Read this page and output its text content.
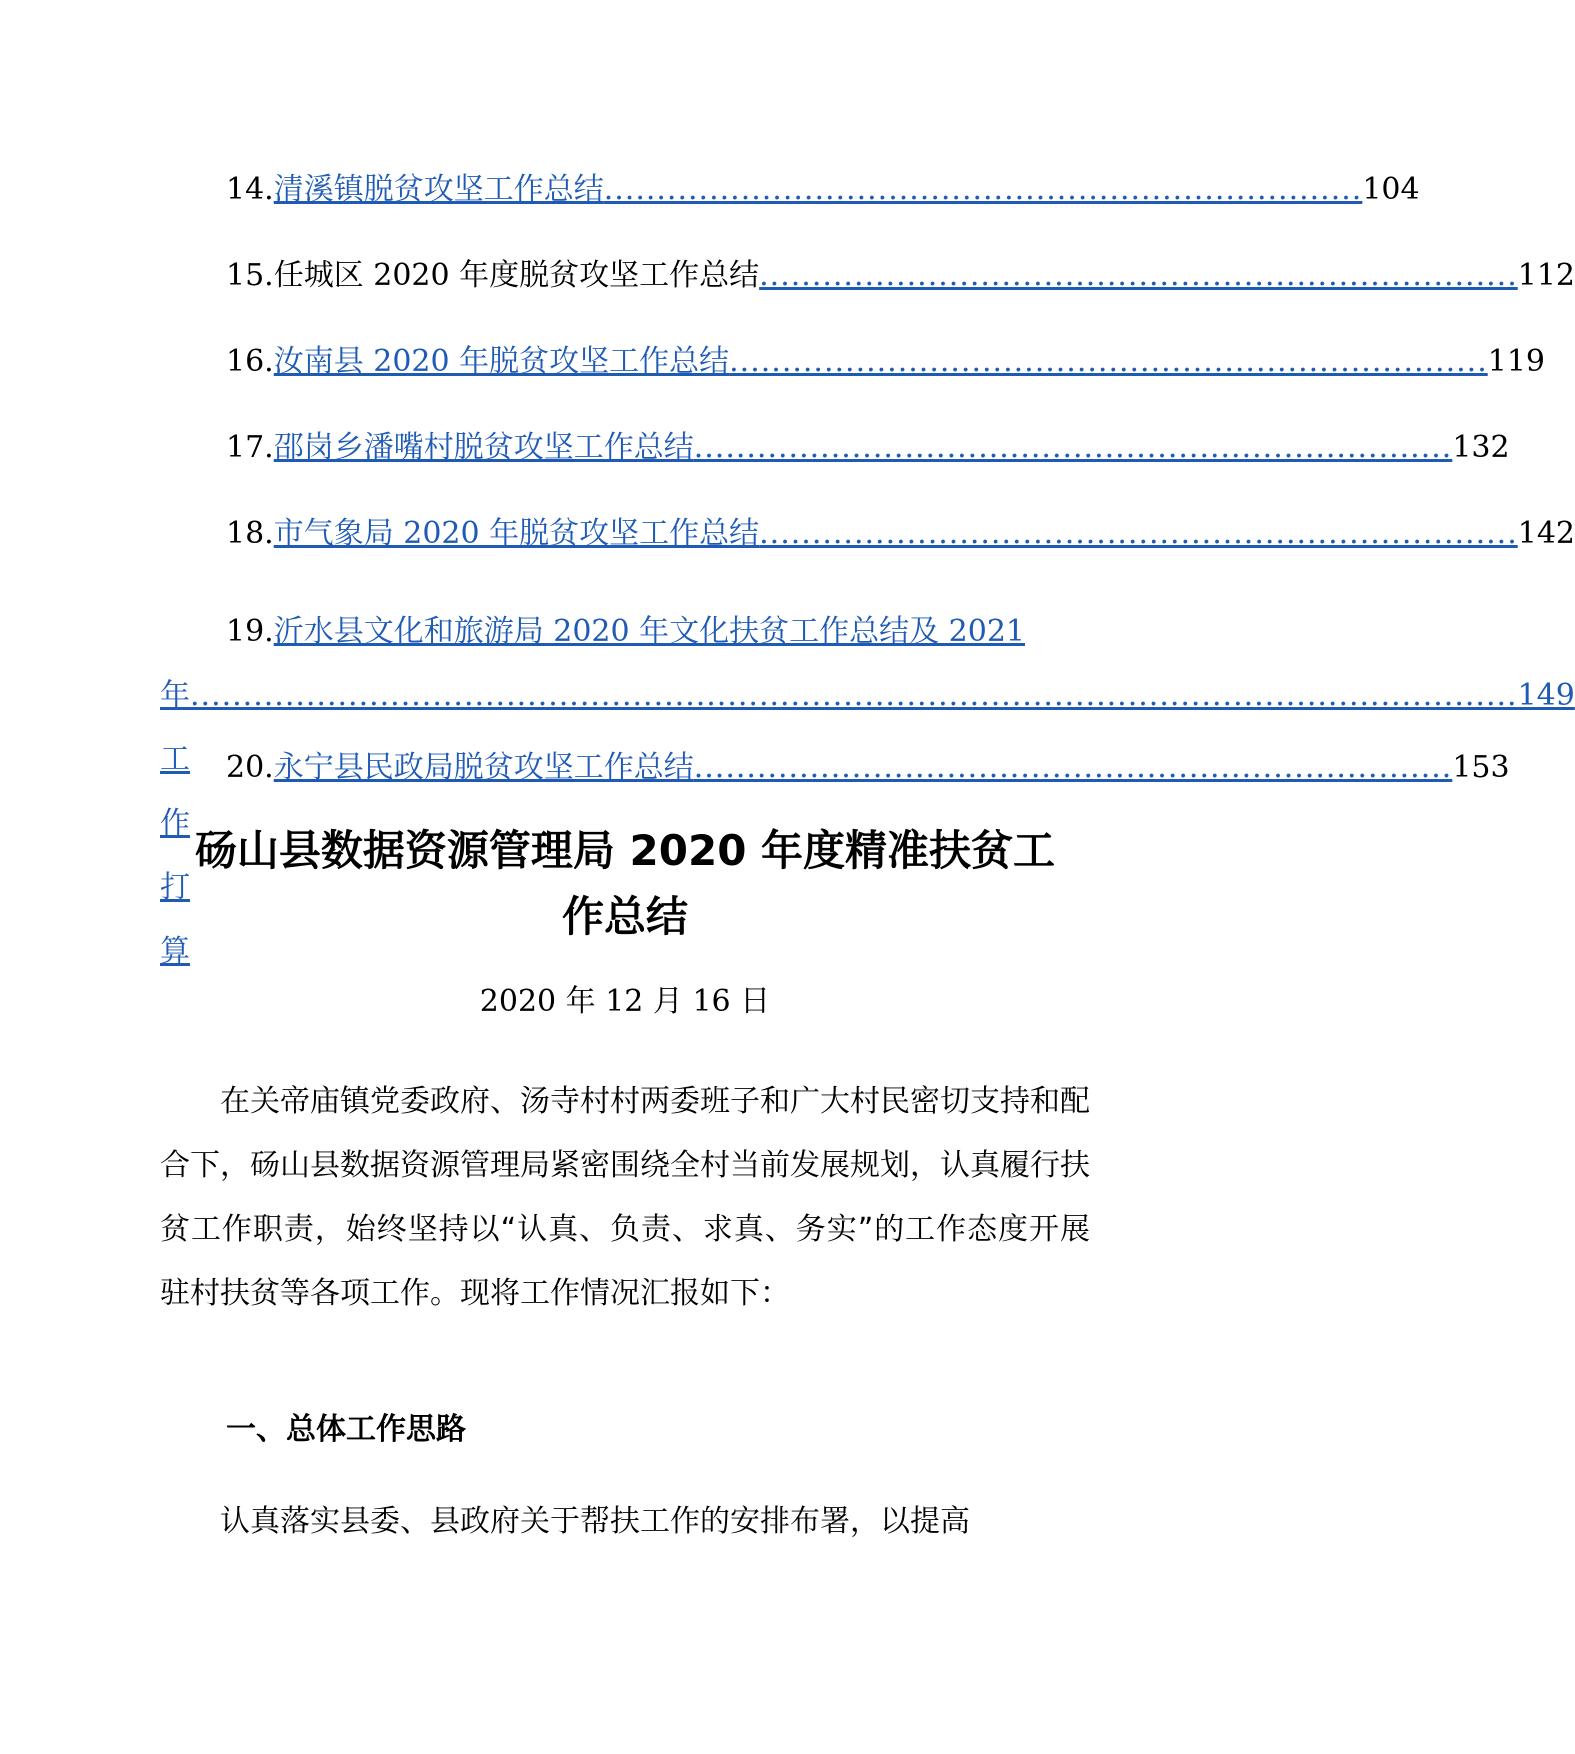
14. 清溪镇脱贫攻坚工作总结 ........................................................................ 104
15. 任城区 2020 年度脱贫攻坚工作总结 ........................................................................ 112
16. 汝南县 2020 年脱贫攻坚工作总结 ........................................................................ 119
17. 邵岗乡潘嘴村脱贫攻坚工作总结 ........................................................................ 132
18. 市气象局 2020 年脱贫攻坚工作总结 ........................................................................ 142
19.沂水县文化和旅游局 2020 年文化扶贫工作总结及 2021
年工作打算
.............................................................................................................................. 149
20. 永宁县民政局脱贫攻坚工作总结 ........................................................................ 153
砀山县数据资源管理局 2020 年度精准扶贫工
作总结
2020 年 12 月 16 日

在关帝庙镇党委政府、汤寺村村两委班子和广大村民密切支持和配合下，砀山县数据资源管理局紧密围绕全村当前发展规划，认真履行扶贫工作职责，始终坚持以“认真、负责、求真、务实”的工作态度开展驻村扶贫等各项工作。现将工作情况汇报如下：

一、总体工作思路

认真落实县委、县政府关于帮扶工作的安排布署，以提高
